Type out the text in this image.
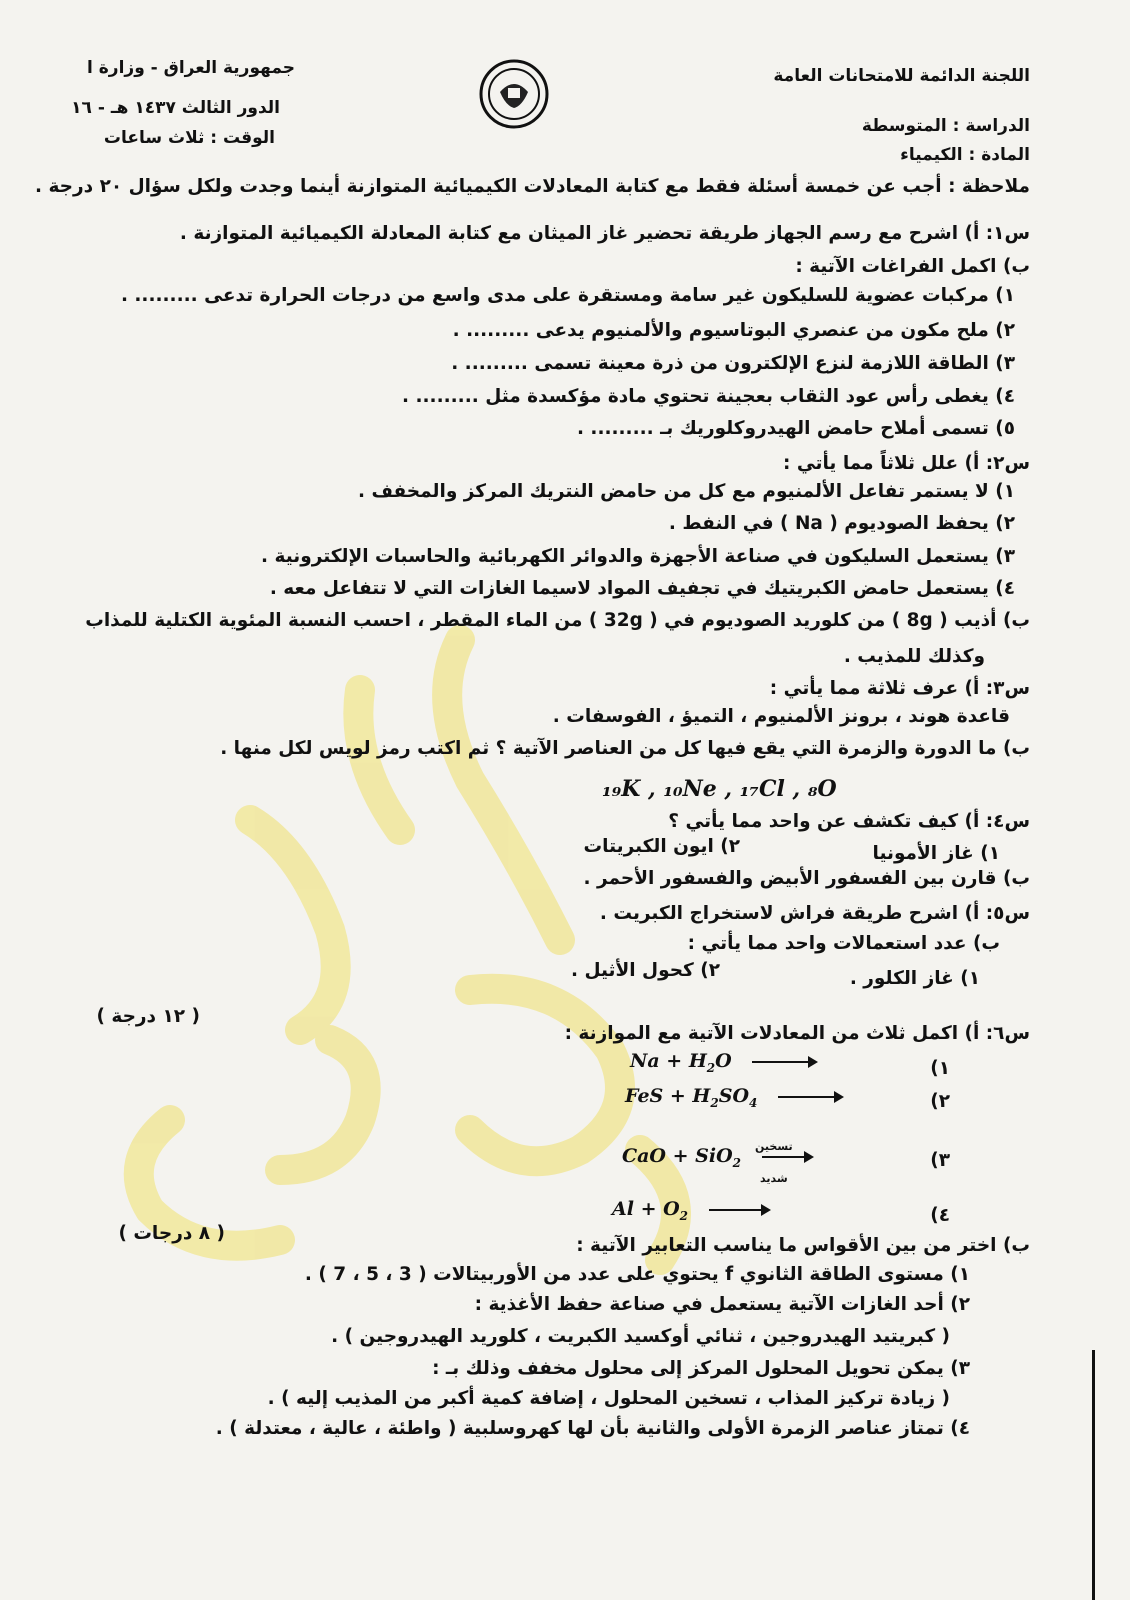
اللجنة الدائمة للامتحانات العامة
الدراسة : المتوسطة
المادة : الكيمياء
جمهورية العراق - وزارة ا
الدور الثالث ١٤٣٧ هـ - ١٦
الوقت : ثلاث ساعات
ملاحظة : أجب عن خمسة أسئلة فقط مع كتابة المعادلات الكيميائية المتوازنة أينما وجدت ولكل سؤال ٢٠ درجة .
س١: أ) اشرح مع رسم الجهاز طريقة تحضير غاز الميثان مع كتابة المعادلة الكيميائية المتوازنة .
ب) اكمل الفراغات الآتية :
١) مركبات عضوية للسليكون غير سامة ومستقرة على مدى واسع من درجات الحرارة تدعى ......... .
٢) ملح مكون من عنصري البوتاسيوم والألمنيوم يدعى ......... .
٣) الطاقة اللازمة لنزع الإلكترون من ذرة معينة تسمى ......... .
٤) يغطى رأس عود الثقاب بعجينة تحتوي مادة مؤكسدة مثل ......... .
٥) تسمى أملاح حامض الهيدروكلوريك بـ ......... .
س٢: أ) علل ثلاثاً مما يأتي :
١) لا يستمر تفاعل الألمنيوم مع كل من حامض النتريك المركز والمخفف .
٢) يحفظ الصوديوم ( Na ) في النفط .
٣) يستعمل السليكون في صناعة الأجهزة والدوائر الكهربائية والحاسبات الإلكترونية .
٤) يستعمل حامض الكبريتيك في تجفيف المواد لاسيما الغازات التي لا تتفاعل معه .
ب) أذيب ( 8g ) من كلوريد الصوديوم في ( 32g ) من الماء المقطر ، احسب النسبة المئوية الكتلية للمذاب
وكذلك للمذيب .
س٣: أ) عرف ثلاثة مما يأتي :
قاعدة هوند ، برونز الألمنيوم ، التميؤ ، الفوسفات .
ب) ما الدورة والزمرة التي يقع فيها كل من العناصر الآتية ؟ ثم اكتب رمز لويس لكل منها .
₁₉K , ₁₀Ne , ₁₇Cl , ₈O
س٤: أ) كيف تكشف عن واحد مما يأتي ؟
١) غاز الأمونيا
٢) ايون الكبريتات
ب) قارن بين الفسفور الأبيض والفسفور الأحمر .
س٥: أ) اشرح طريقة فراش لاستخراج الكبريت .
ب) عدد استعمالات واحد مما يأتي :
١) غاز الكلور .
٢) كحول الأثيل .
( ١٢ درجة )
س٦: أ) اكمل ثلاث من المعادلات الآتية مع الموازنة :
١)
$Na + H_2O$
٢)
FeS + $H_2SO_4$
٣)
CaO + SiO$_2$
تسخين
شديد
٤)
$Al + O_2$
( ٨ درجات )
ب) اختر من بين الأقواس ما يناسب التعابير الآتية :
١) مستوى الطاقة الثانوي f يحتوي على عدد من الأوربيتالات ( 3 ، 5 ، 7 ) .
٢) أحد الغازات الآتية يستعمل في صناعة حفظ الأغذية :
( كبريتيد الهيدروجين ، ثنائي أوكسيد الكبريت ، كلوريد الهيدروجين ) .
٣) يمكن تحويل المحلول المركز إلى محلول مخفف وذلك بـ :
( زيادة تركيز المذاب ، تسخين المحلول ، إضافة كمية أكبر من المذيب إليه ) .
٤) تمتاز عناصر الزمرة الأولى والثانية بأن لها كهروسلبية ( واطئة ، عالية ، معتدلة ) .
